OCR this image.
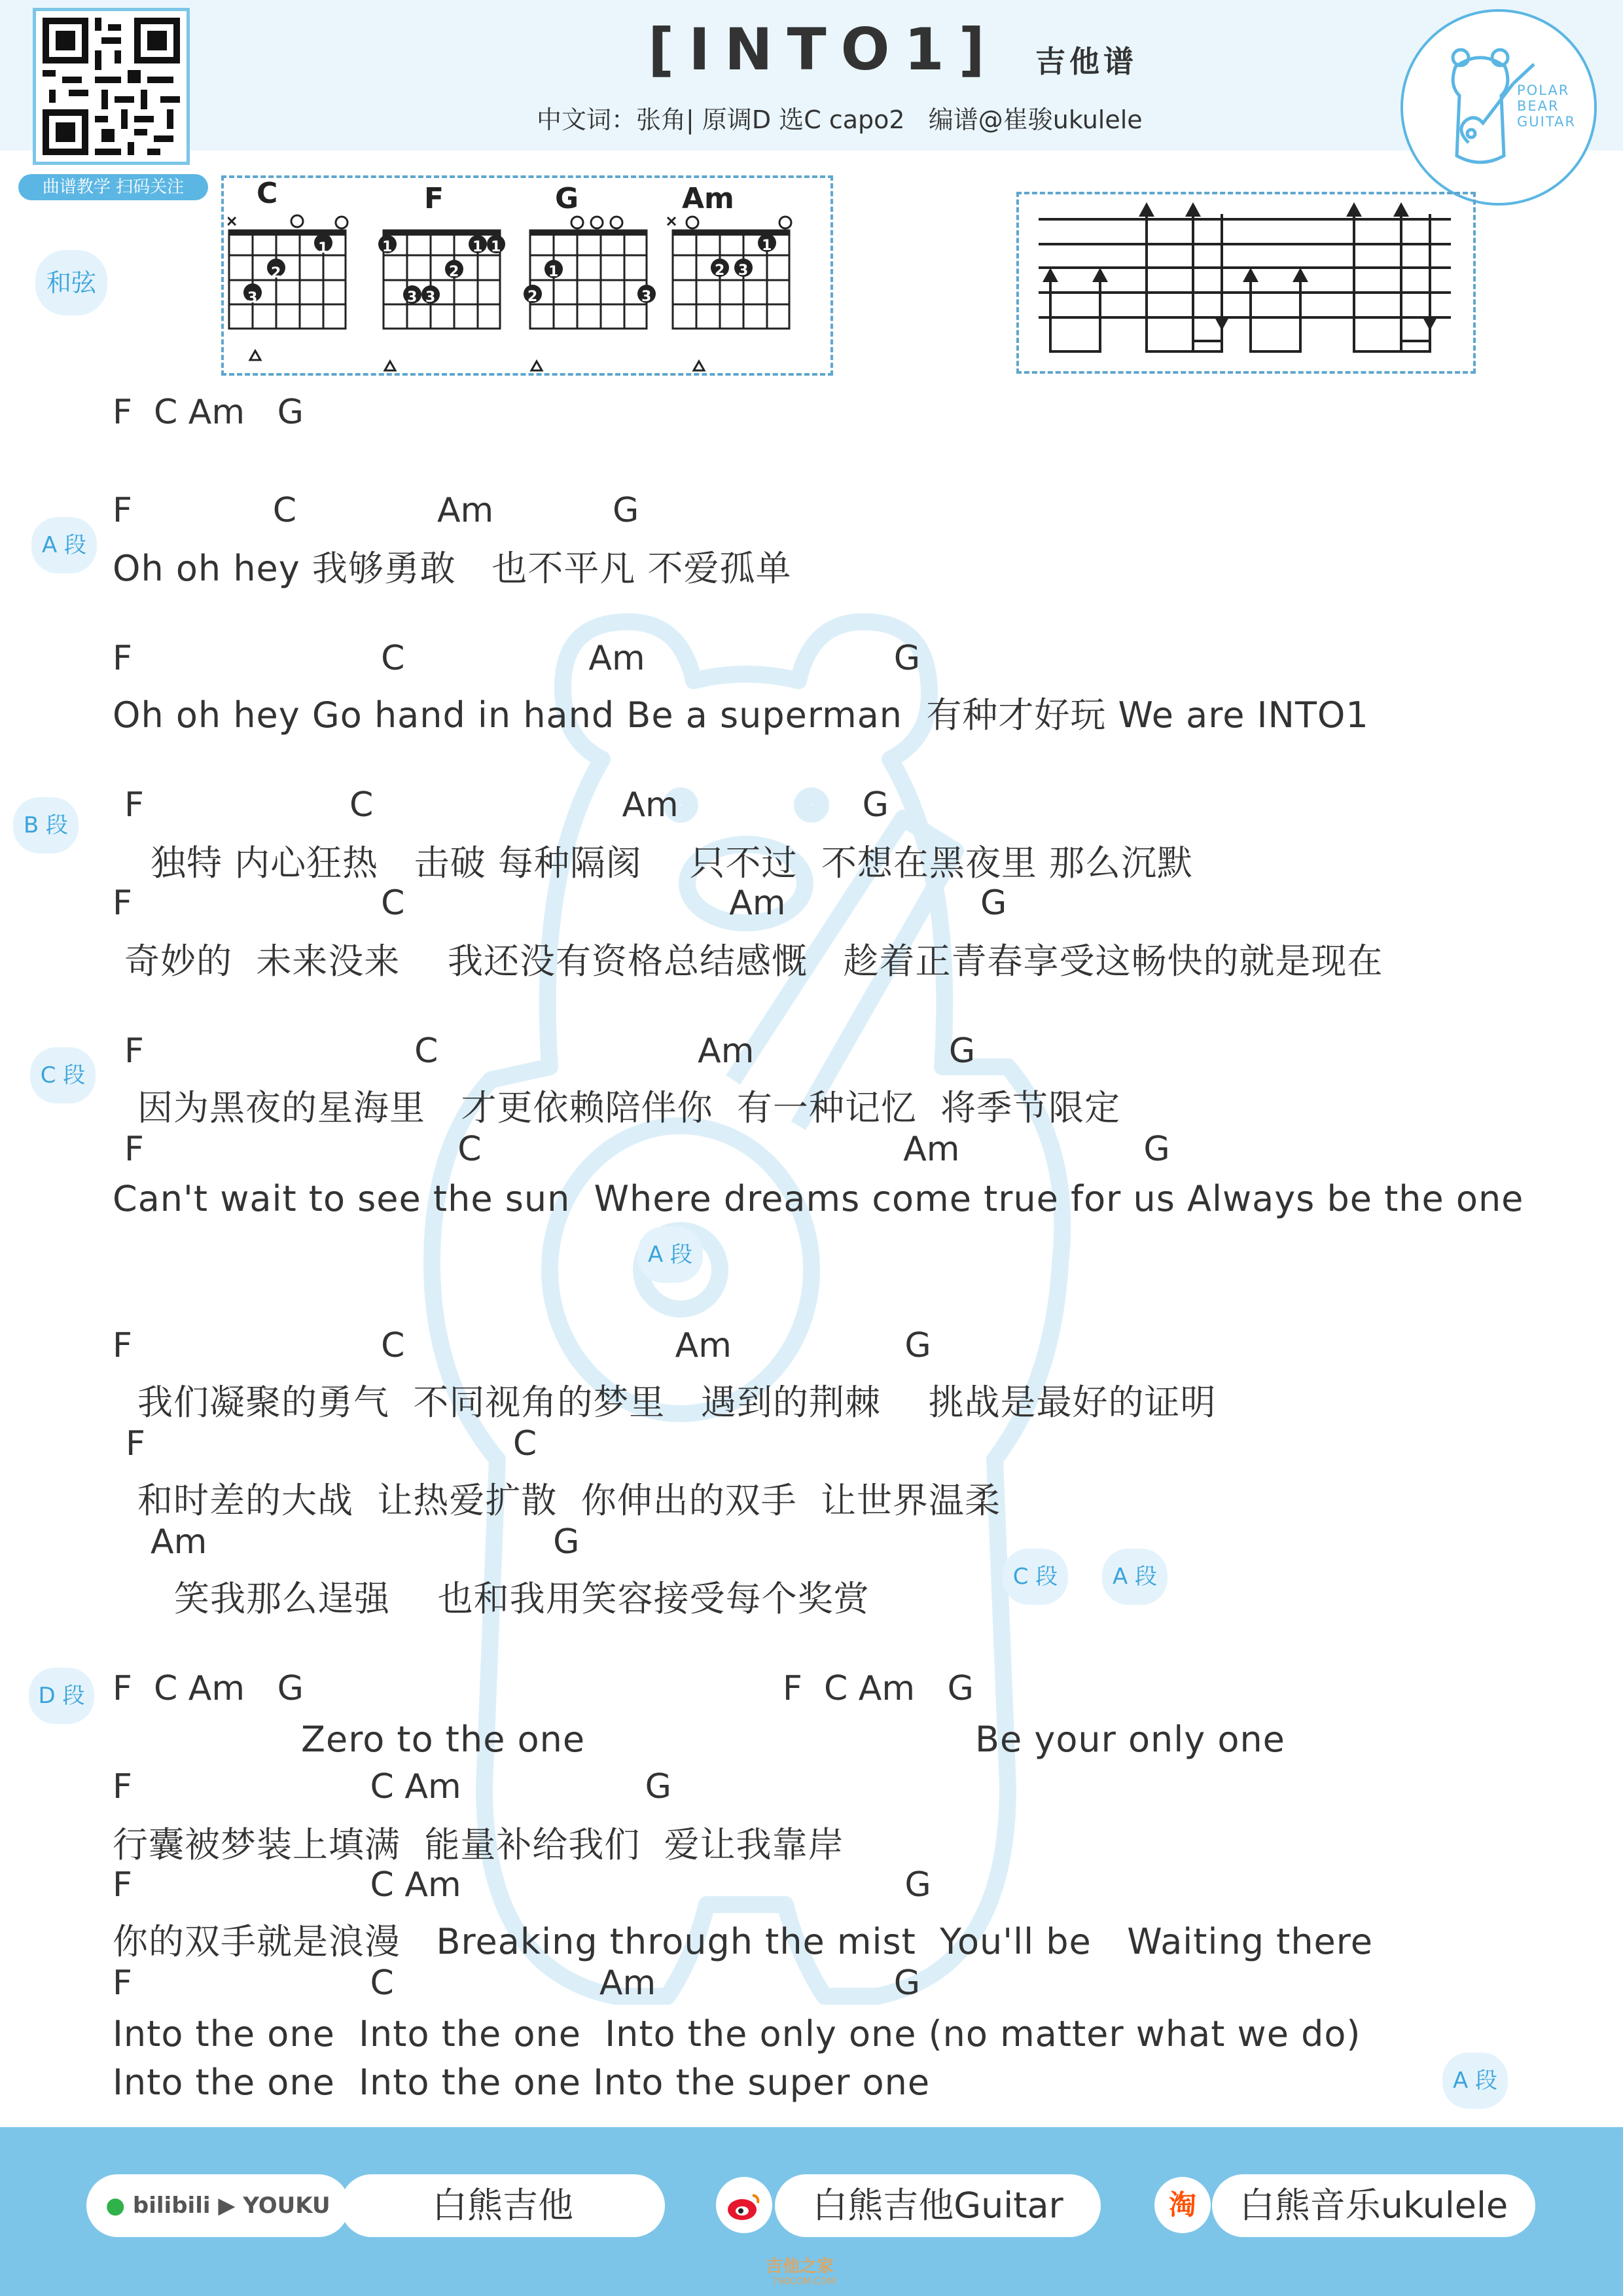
曲谱教学 扫码关注
[INTO1] 吉他谱
中文词：张角| 原调D 选C capo2   编谱@崔骏ukulele
POLAR
BEAR
GUITAR
和弦
C
1
2
3
F
1	1 1
2
3 3
G
1
2	3
Am
1
2 3
F  C Am   G
A 段
F             C             Am           G
Oh oh hey 我够勇敢   也不平凡 不爱孤单
F                       C                 Am                       G
Oh oh hey Go hand in hand Be a superman  有种才好玩 We are INTO1
B 段
F                   C                       Am                 G
独特 内心狂热   击破 每种隔阂    只不过  不想在黑夜里 那么沉默
F                       C                              Am                  G
奇妙的  未来没来    我还没有资格总结感慨   趁着正青春享受这畅快的就是现在
C 段
F                         C                        Am                  G
因为黑夜的星海里   才更依赖陪伴你  有一种记忆  将季节限定
F                             C                                       Am                 G
Can't wait to see the sun  Where dreams come true for us Always be the one
A 段
F                       C                         Am                G
我们凝聚的勇气  不同视角的梦里   遇到的荆棘    挑战是最好的证明
F                                  C
和时差的大战  让热爱扩散  你伸出的双手  让世界温柔
Am                                G
笑我那么逞强    也和我用笑容接受每个奖赏
C 段	A 段
D 段 F  C Am   G	F  C Am   G
Zero to the one	Be your only one
F                      C Am                 G
行囊被梦装上填满  能量补给我们  爱让我靠岸
F                      C Am                                         G
你的双手就是浪漫   Breaking through the mist  You'll be   Waiting there
F                      C                   Am                      G
Into the one  Into the one  Into the only one (no matter what we do)
Into the one  Into the one Into the super one	A 段
● bilibili ▶ YOUKU	白熊吉他	白熊吉他Guitar	淘	白熊音乐ukulele
吉他之家
798COM.COM
